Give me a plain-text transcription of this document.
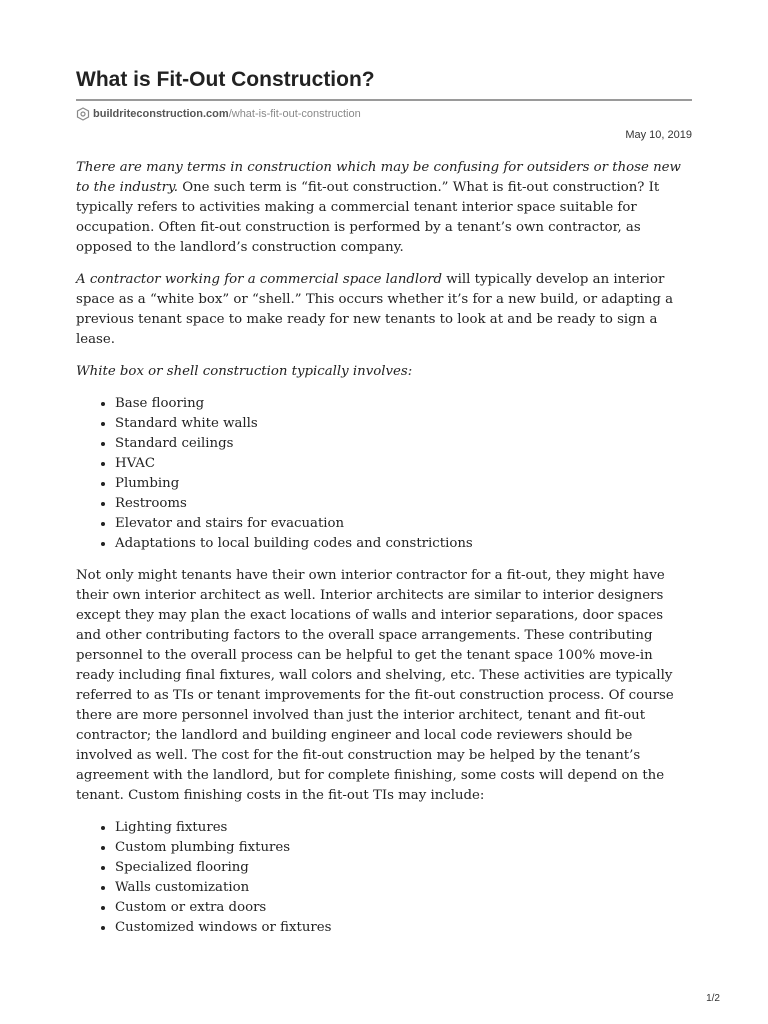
What is Fit-Out Construction?
buildriteconstruction.com /what-is-fit-out-construction
May 10, 2019

There are many terms in construction which may be confusing for outsiders or those new to the industry. One such term is “fit-out construction.” What is fit-out construction? It typically refers to activities making a commercial tenant interior space suitable for occupation. Often fit-out construction is performed by a tenant’s own contractor, as opposed to the landlord’s construction company.

A contractor working for a commercial space landlord will typically develop an interior space as a “white box” or “shell.” This occurs whether it’s for a new build, or adapting a previous tenant space to make ready for new tenants to look at and be ready to sign a lease.

White box or shell construction typically involves:

• Base flooring
• Standard white walls
• Standard ceilings
• HVAC
• Plumbing
• Restrooms
• Elevator and stairs for evacuation
• Adaptations to local building codes and constrictions

Not only might tenants have their own interior contractor for a fit-out, they might have their own interior architect as well. Interior architects are similar to interior designers except they may plan the exact locations of walls and interior separations, door spaces and other contributing factors to the overall space arrangements. These contributing personnel to the overall process can be helpful to get the tenant space 100% move-in ready including final fixtures, wall colors and shelving, etc. These activities are typically referred to as TIs or tenant improvements for the fit-out construction process. Of course there are more personnel involved than just the interior architect, tenant and fit-out contractor; the landlord and building engineer and local code reviewers should be involved as well. The cost for the fit-out construction may be helped by the tenant’s agreement with the landlord, but for complete finishing, some costs will depend on the tenant. Custom finishing costs in the fit-out TIs may include:

• Lighting fixtures
• Custom plumbing fixtures
• Specialized flooring
• Walls customization
• Custom or extra doors
• Customized windows or fixtures
1/2
